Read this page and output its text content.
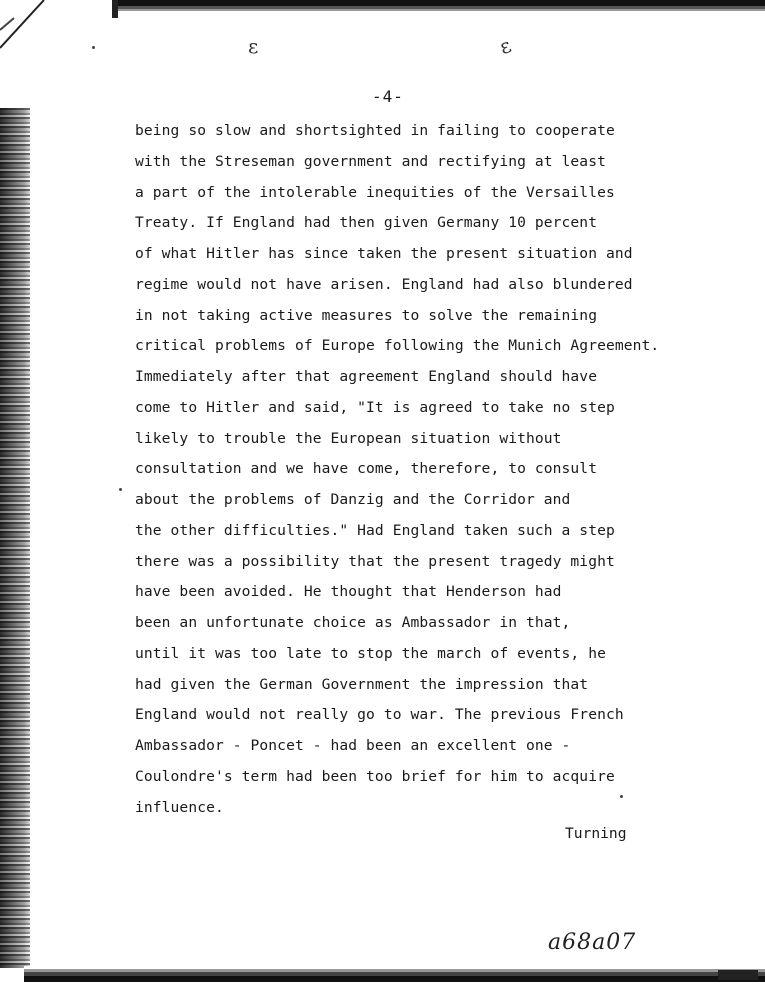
ε	ε
-4-
being so slow and shortsighted in failing to cooperate
with the Streseman government and rectifying at least
a part of the intolerable inequities of the Versailles
Treaty. If England had then given Germany 10 percent
of what Hitler has since taken the present situation and
regime would not have arisen. England had also blundered
in not taking active measures to solve the remaining
critical problems of Europe following the Munich Agreement.
Immediately after that agreement England should have
come to Hitler and said, "It is agreed to take no step
likely to trouble the European situation without
consultation and we have come, therefore, to consult
about the problems of Danzig and the Corridor and
the other difficulties." Had England taken such a step
there was a possibility that the present tragedy might
have been avoided. He thought that Henderson had
been an unfortunate choice as Ambassador in that,
until it was too late to stop the march of events, he
had given the German Government the impression that
England would not really go to war. The previous French
Ambassador - Poncet - had been an excellent one -
Coulondre's term had been too brief for him to acquire
influence.
Turning
a68a07
